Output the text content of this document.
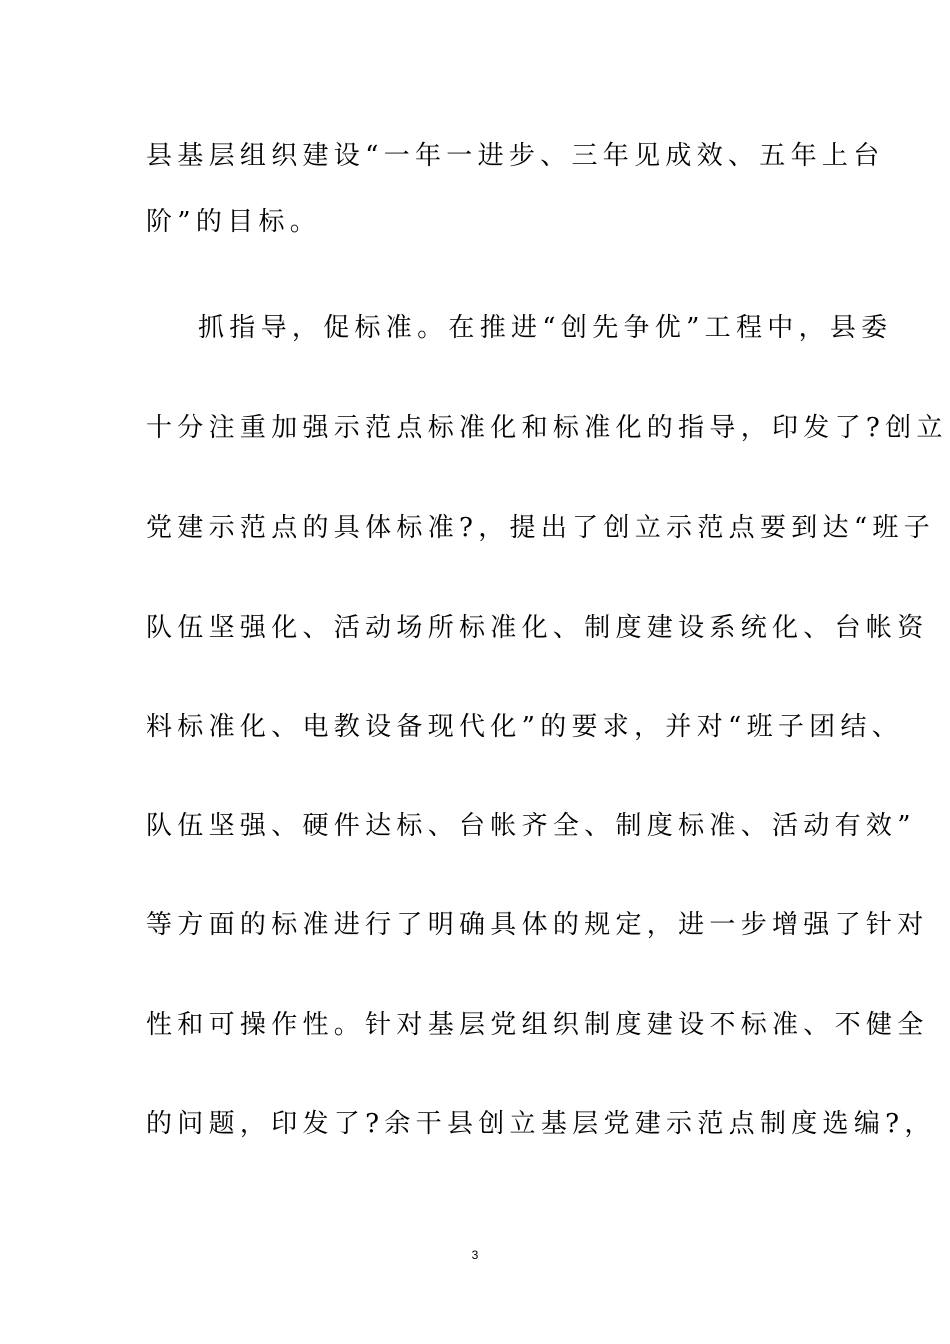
县基层组织建设“一年一进步、三年见成效、五年上台
阶”的目标。
抓指导，促标准。在推进“创先争优”工程中，县委
十分注重加强示范点标准化和标准化的指导，印发了?创立
党建示范点的具体标准?，提出了创立示范点要到达“班子
队伍坚强化、活动场所标准化、制度建设系统化、台帐资
料标准化、电教设备现代化”的要求，并对“班子团结、
队伍坚强、硬件达标、台帐齐全、制度标准、活动有效”
等方面的标准进行了明确具体的规定，进一步增强了针对
性和可操作性。针对基层党组织制度建设不标准、不健全
的问题，印发了?余干县创立基层党建示范点制度选编?，
3
